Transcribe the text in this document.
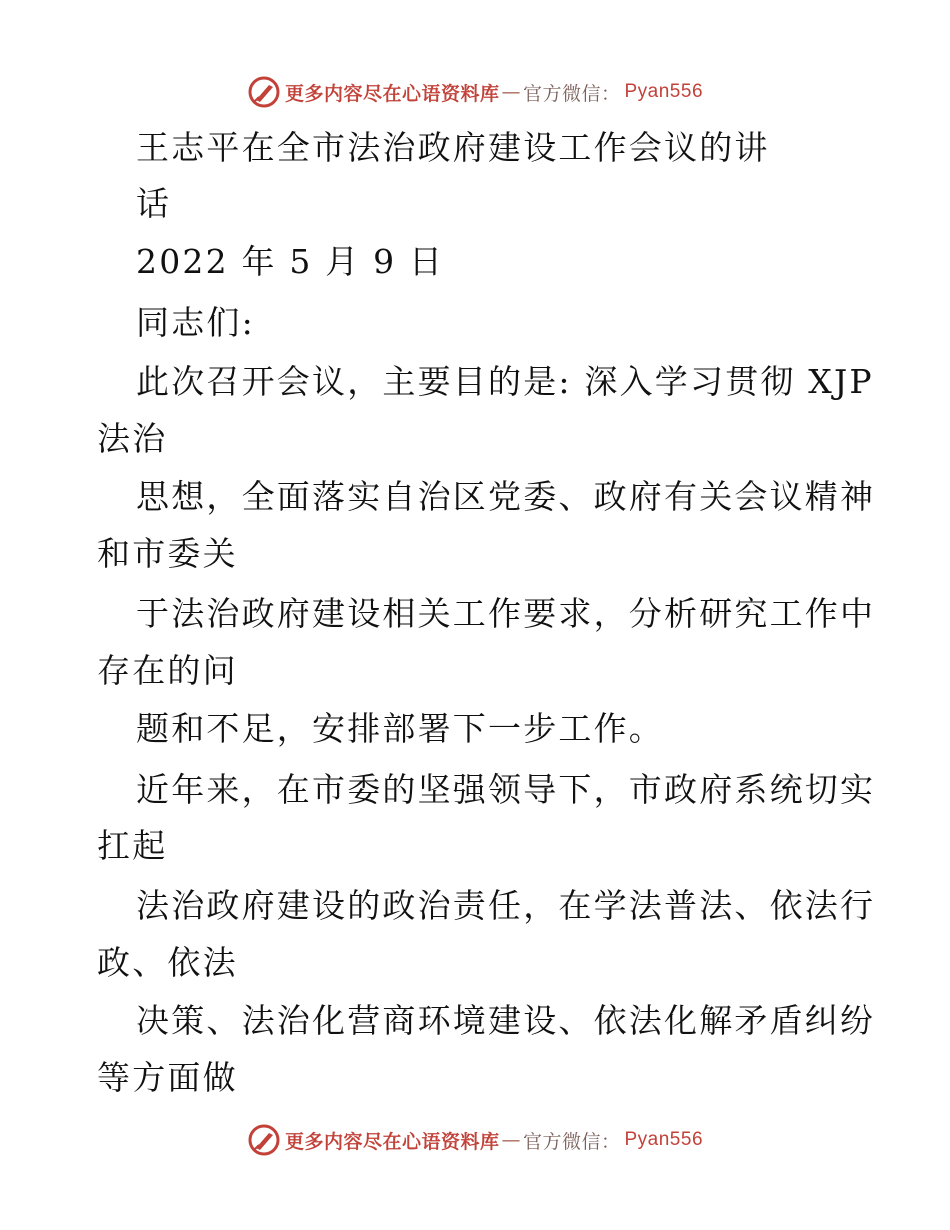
更多内容尽在心语资料库 — 官方微信： Pyan556
王志平在全市法治政府建设工作会议的讲
话
2022 年 5 月 9 日
同志们:
此次召开会议，主要目的是: 深入学习贯彻 XJP
法治
思想，全面落实自治区党委、政府有关会议精神
和市委关
于法治政府建设相关工作要求，分析研究工作中
存在的问
题和不足，安排部署下一步工作。
近年来，在市委的坚强领导下，市政府系统切实
扛起
法治政府建设的政治责任，在学法普法、依法行
政、依法
决策、法治化营商环境建设、依法化解矛盾纠纷
等方面做
更多内容尽在心语资料库 — 官方微信： Pyan556
